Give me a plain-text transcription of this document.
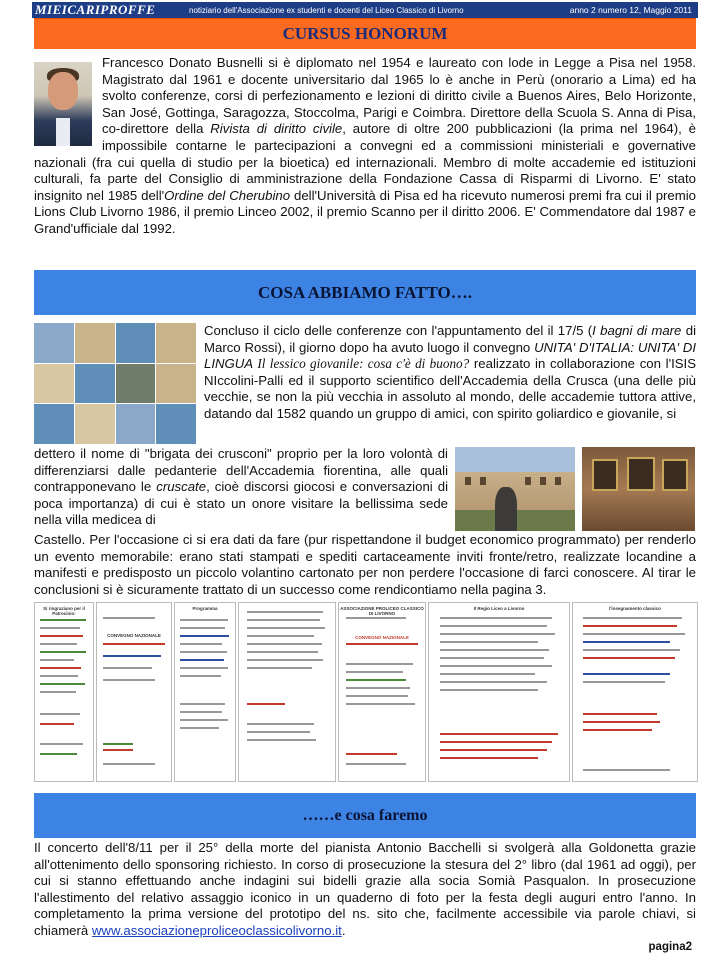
MIEICARIPROFFE	notiziario dell'Associazione ex studenti e docenti del Liceo Classico di Livorno	anno 2 numero 12, Maggio 2011
CURSUS HONORUM
Francesco Donato Busnelli si è diplomato nel 1954 e laureato con lode in Legge a Pisa nel 1958. Magistrato dal 1961 e docente universitario dal 1965 lo è anche in Perù (onorario a Lima) ed ha svolto conferenze, corsi di perfezionamento e lezioni di diritto civile a Buenos Aires, Belo Horizonte, San José, Gottinga, Saragozza, Stoccolma, Parigi e Coimbra. Direttore della Scuola S. Anna di Pisa, co-direttore della Rivista di diritto civile, autore di oltre 200 pubblicazioni (la prima nel 1964), è impossibile contarne le partecipazioni a convegni ed a commissioni ministeriali e governative nazionali (fra cui quella di studio per la bioetica) ed internazionali. Membro di molte accademie ed istituzioni culturali, fa parte del Consiglio di amministrazione della Fondazione Cassa di Risparmi di Livorno. E' stato insignito nel 1985 dell'Ordine del Cherubino dell'Università di Pisa ed ha ricevuto numerosi premi fra cui il premio Lions Club Livorno 1986, il premio Linceo 2002, il premio Scanno per il diritto 2006. E' Commendatore dal 1987 e Grand'ufficiale dal 1992.
COSA ABBIAMO FATTO….
Concluso il ciclo delle conferenze con l'appuntamento del il 17/5 (I bagni di mare di Marco Rossi), il giorno dopo ha avuto luogo il convegno UNITA' D'ITALIA: UNITA' DI LINGUA Il lessico giovanile: cosa c'è di buono? realizzato in collaborazione con l'ISIS NIccolini-Palli ed il supporto scientifico dell'Accademia della Crusca (una delle più vecchie, se non la più vecchia in assoluto al mondo, delle accademie tuttora attive, datando dal 1582 quando un gruppo di amici, con spirito goliardico e giovanile, si
dettero il nome di "brigata dei crusconi" proprio per la loro volontà di differenziarsi dalle pedanterie dell'Accademia fiorentina, alle quali contrapponevano le cruscate, cioè discorsi giocosi e conversazioni di poca importanza) di cui è stato un onore visitare la bellissima sede nella villa medicea di
Castello. Per l'occasione ci si era dati da fare (pur rispettandone il budget economico programmato) per renderlo un evento memorabile: erano stati stampati e spediti cartaceamente inviti fronte/retro, realizzate locandine a manifesti e predisposto un piccolo volantino cartonato per non perdere l'occasione di farci conoscere. Al tirar le conclusioni si è sicuramente trattato di un successo come rendicontiamo nella pagina 3.
Si ringraziano per il Patrocinio:
CONVEGNO NAZIONALE
Programma	ASSOCIAZIONE PROLICEO CLASSICO DI LIVORNO
CONVEGNO NAZIONALE
Il Regio Liceo a Livorno	l'insegnamento classico
……e cosa faremo
Il concerto dell'8/11 per il 25° della morte del pianista Antonio Bacchelli si svolgerà alla Goldonetta grazie all'ottenimento dello sponsoring richiesto. In corso di prosecuzione la stesura del 2° libro (dal 1961 ad oggi), per cui si stanno effettuando anche indagini sui bidelli grazie alla socia Somià Pasqualon. In prosecuzione l'allestimento del relativo assaggio iconico in un quaderno di foto per la festa degli auguri entro l'anno. In completamento la prima versione del prototipo del ns. sito che, facilmente accessibile via parole chiavi, si chiamerà www.associazioneproliceoclassicolivorno.it.
pagina2
